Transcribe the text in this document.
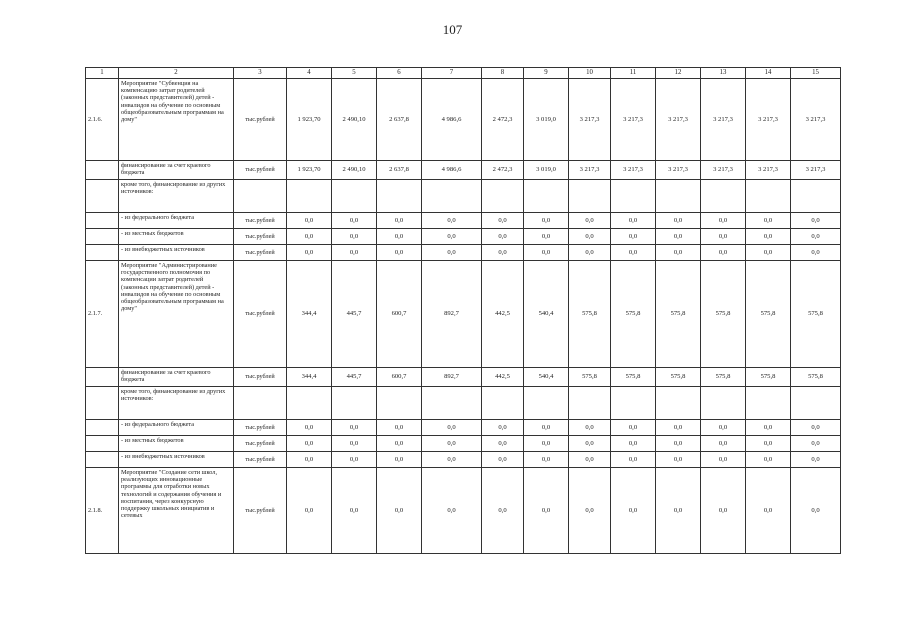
107
1	2	3	4	5	6	7	8	9	10	11	12	13	14	15
2.1.6.	Мероприятие "Субвенция на компенсацию затрат родителей (законных представителей) детей - инвалидов на обучение по основным общеобразовательным программам на дому"	тыс.рублей	1 923,70	2 490,10	2 637,8	4 986,6	2 472,3	3 019,0	3 217,3	3 217,3	3 217,3	3 217,3	3 217,3	3 217,3
	финансирование за счет краевого бюджета	тыс.рублей	1 923,70	2 490,10	2 637,8	4 986,6	2 472,3	3 019,0	3 217,3	3 217,3	3 217,3	3 217,3	3 217,3	3 217,3
	кроме того, финансирование из других источников:													
	- из федерального бюджета	тыс.рублей	0,0	0,0	0,0	0,0	0,0	0,0	0,0	0,0	0,0	0,0	0,0	0,0
	- из местных бюджетов	тыс.рублей	0,0	0,0	0,0	0,0	0,0	0,0	0,0	0,0	0,0	0,0	0,0	0,0
	- из внебюджетных источников	тыс.рублей	0,0	0,0	0,0	0,0	0,0	0,0	0,0	0,0	0,0	0,0	0,0	0,0
2.1.7.	Мероприятие "Администрирование государственного полномочия по компенсации затрат родителей (законных представителей) детей - инвалидов на обучение по основным общеобразовательным программам на дому"	тыс.рублей	344,4	445,7	600,7	892,7	442,5	540,4	575,8	575,8	575,8	575,8	575,8	575,8
	финансирование за счет краевого бюджета	тыс.рублей	344,4	445,7	600,7	892,7	442,5	540,4	575,8	575,8	575,8	575,8	575,8	575,8
	кроме того, финансирование из других источников:													
	- из федерального бюджета	тыс.рублей	0,0	0,0	0,0	0,0	0,0	0,0	0,0	0,0	0,0	0,0	0,0	0,0
	- из местных бюджетов	тыс.рублей	0,0	0,0	0,0	0,0	0,0	0,0	0,0	0,0	0,0	0,0	0,0	0,0
	- из внебюджетных источников	тыс.рублей	0,0	0,0	0,0	0,0	0,0	0,0	0,0	0,0	0,0	0,0	0,0	0,0
2.1.8.	Мероприятие "Создание сети школ, реализующих инновационные программы для отработки новых технологий и содержания обучения и воспитания, через конкурсную поддержку школьных инициатив и сетевых	тыс.рублей	0,0	0,0	0,0	0,0	0,0	0,0	0,0	0,0	0,0	0,0	0,0	0,0
